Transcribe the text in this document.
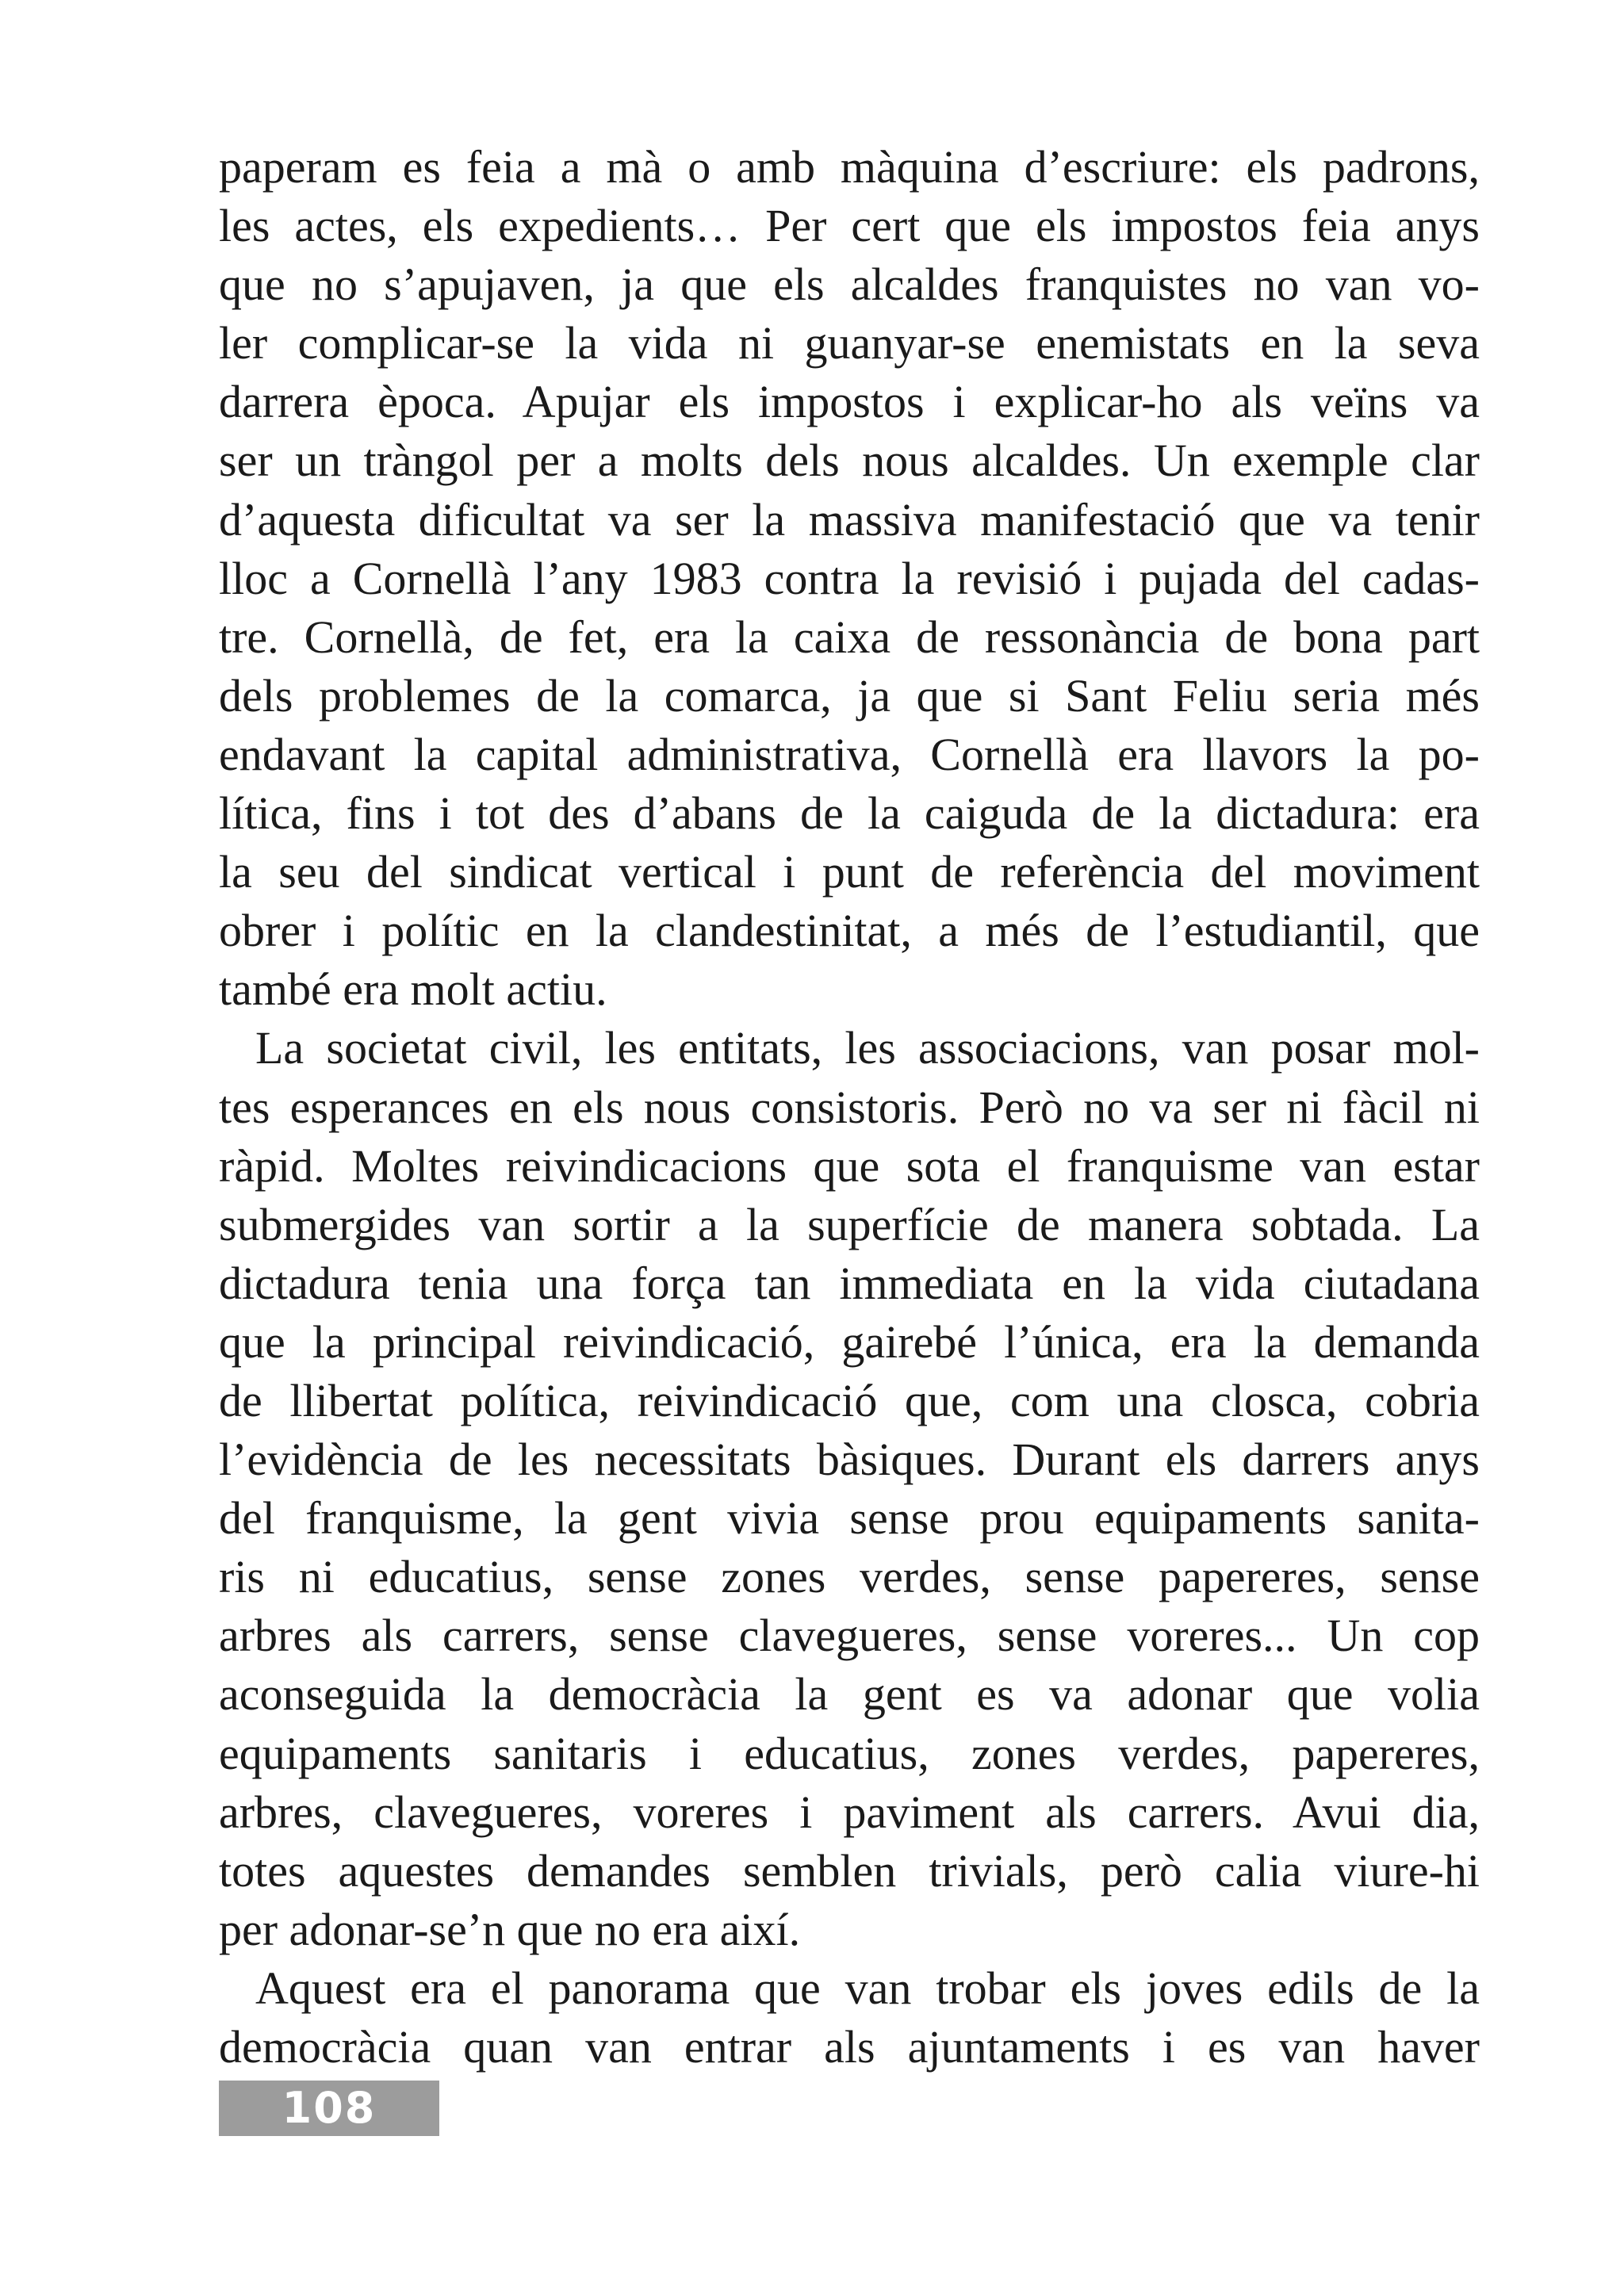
paperam es feia a mà o amb màquina d’escriure: els padrons,
les actes, els expedients… Per cert que els impostos feia anys
que no s’apujaven, ja que els alcaldes franquistes no van vo-
ler complicar-se la vida ni guanyar-se enemistats en la seva
darrera època. Apujar els impostos i explicar-ho als veïns va
ser un tràngol per a molts dels nous alcaldes. Un exemple clar
d’aquesta dificultat va ser la massiva manifestació que va tenir
lloc a Cornellà l’any 1983 contra la revisió i pujada del cadas-
tre. Cornellà, de fet, era la caixa de ressonància de bona part
dels problemes de la comarca, ja que si Sant Feliu seria més
endavant la capital administrativa, Cornellà era llavors la po-
lítica, fins i tot des d’abans de la caiguda de la dictadura: era
la seu del sindicat vertical i punt de referència del moviment
obrer i polític en la clandestinitat, a més de l’estudiantil, que
també era molt actiu.
La societat civil, les entitats, les associacions, van posar mol-
tes esperances en els nous consistoris. Però no va ser ni fàcil ni
ràpid. Moltes reivindicacions que sota el franquisme van estar
submergides van sortir a la superfície de manera sobtada. La
dictadura tenia una força tan immediata en la vida ciutadana
que la principal reivindicació, gairebé l’única, era la demanda
de llibertat política, reivindicació que, com una closca, cobria
l’evidència de les necessitats bàsiques. Durant els darrers anys
del franquisme, la gent vivia sense prou equipaments sanita-
ris ni educatius, sense zones verdes, sense papereres, sense
arbres als carrers, sense clavegueres, sense voreres... Un cop
aconseguida la democràcia la gent es va adonar que volia
equipaments sanitaris i educatius, zones verdes, papereres,
arbres, clavegueres, voreres i paviment als carrers. Avui dia,
totes aquestes demandes semblen trivials, però calia viure-hi
per adonar-se’n que no era així.
Aquest era el panorama que van trobar els joves edils de la
democràcia quan van entrar als ajuntaments i es van haver
108
